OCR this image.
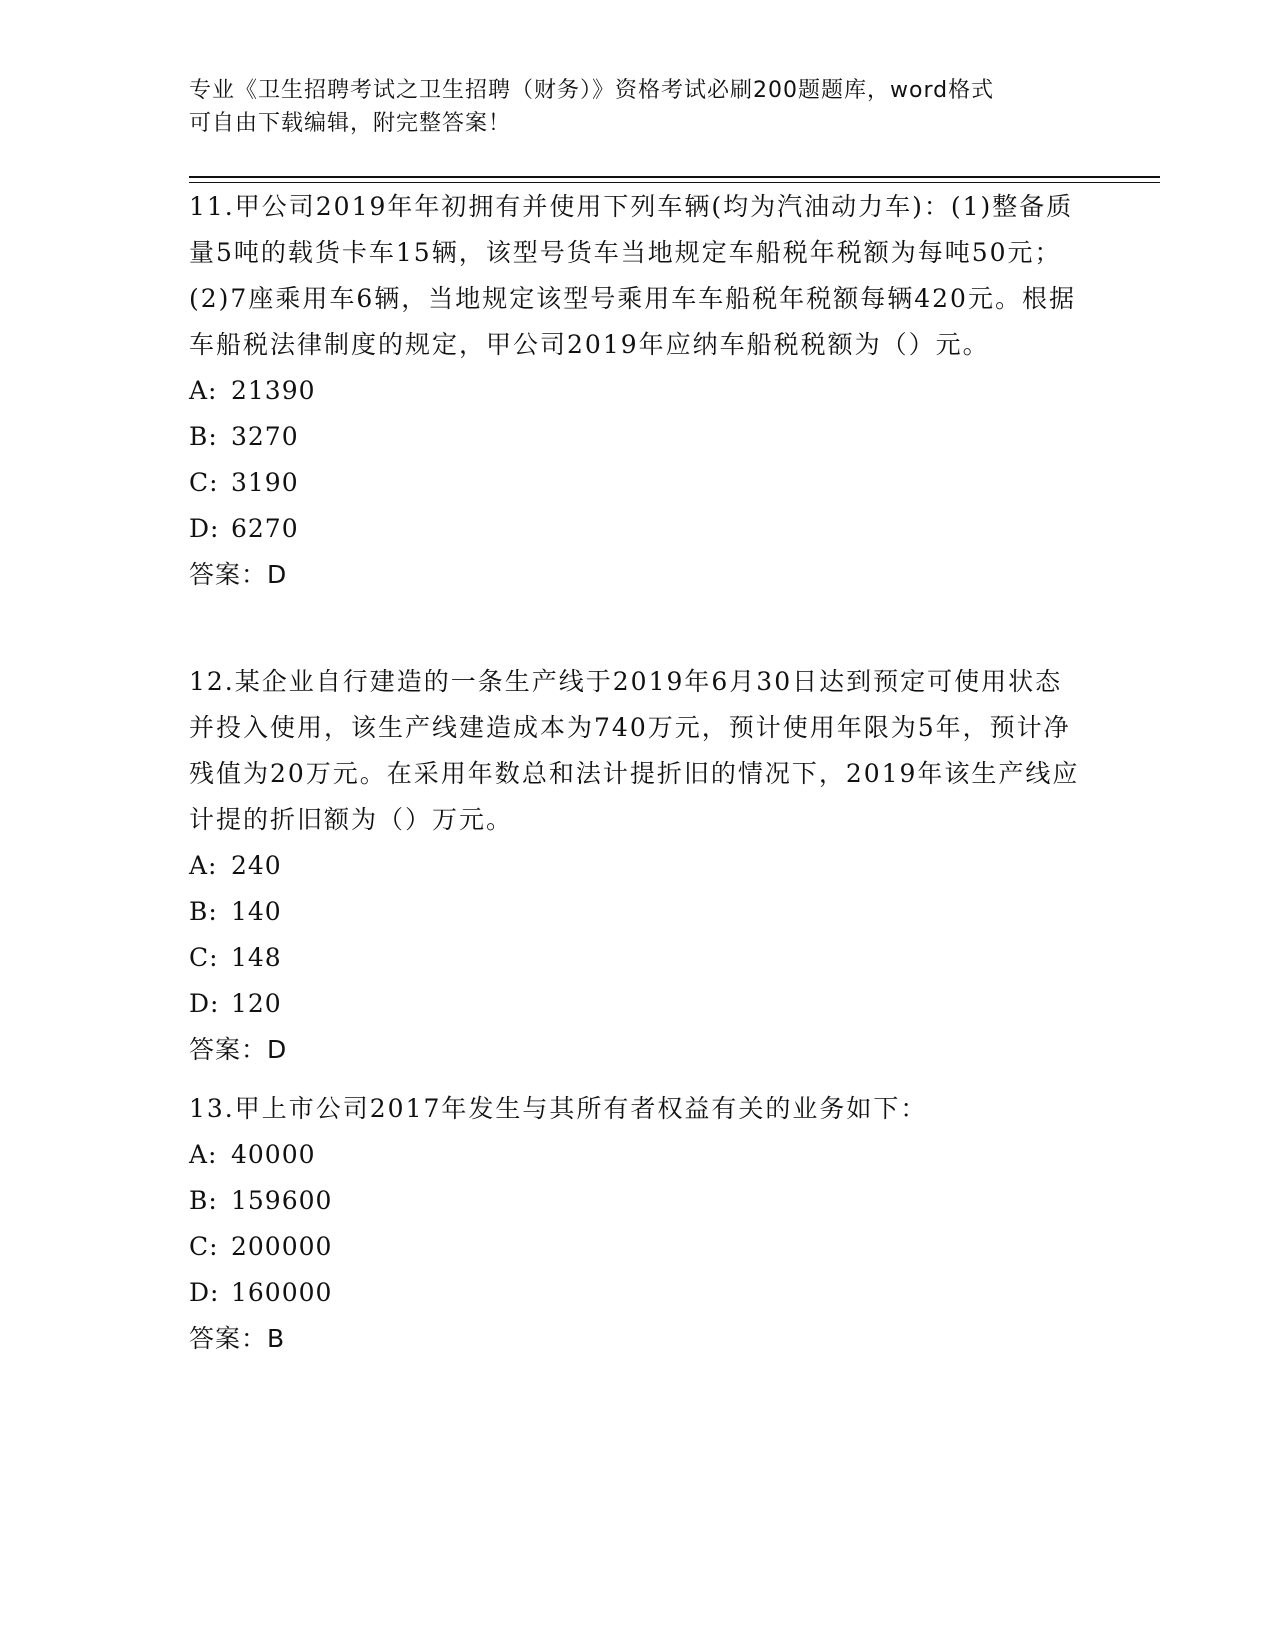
专业《卫生招聘考试之卫生招聘（财务）》资格考试必刷200题题库，word格式
可自由下载编辑，附完整答案！

11.甲公司2019年年初拥有并使用下列车辆(均为汽油动力车)：(1)整备质量5吨的载货卡车15辆，该型号货车当地规定车船税年税额为每吨50元；(2)7座乘用车6辆，当地规定该型号乘用车车船税年税额每辆420元。根据车船税法律制度的规定，甲公司2019年应纳车船税税额为（）元。

A: 21390
B: 3270
C: 3190
D: 6270
答案：D

12.某企业自行建造的一条生产线于2019年6月30日达到预定可使用状态并投入使用，该生产线建造成本为740万元，预计使用年限为5年，预计净残值为20万元。在采用年数总和法计提折旧的情况下，2019年该生产线应计提的折旧额为（）万元。

A: 240
B: 140
C: 148
D: 120
答案：D

13.甲上市公司2017年发生与其所有者权益有关的业务如下：

A: 40000
B: 159600
C: 200000
D: 160000
答案：B
